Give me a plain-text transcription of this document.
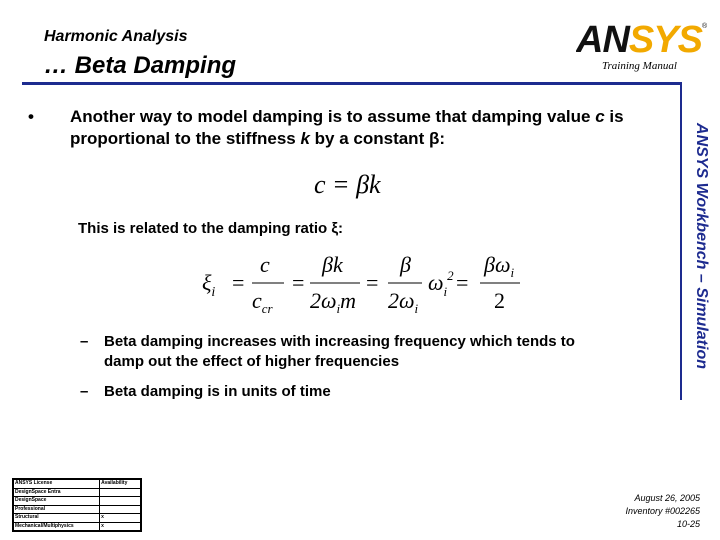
Harmonic Analysis
… Beta Damping
ANSYS ®
Training Manual
ANSYS Workbench – Simulation
• Another way to model damping is to assume that damping value c is proportional to the stiffness k by a constant β:
c = βk
This is related to the damping ratio ξ:
$\xi_i$ =
c
$c_{cr}$
=
βk
$2\omega_im$
=
β
$2\omega_i$
$\omega_i^2$ =
$\beta\omega_i$
2
– Beta damping increases with increasing frequency which tends to damp out the effect of higher frequencies
– Beta damping is in units of time
ANSYS License	Availability
DesignSpace Entra	
DesignSpace	
Professional	
Structural	x
Mechanical/Multiphysics	x
August 26, 2005
Inventory #002265
10-25
